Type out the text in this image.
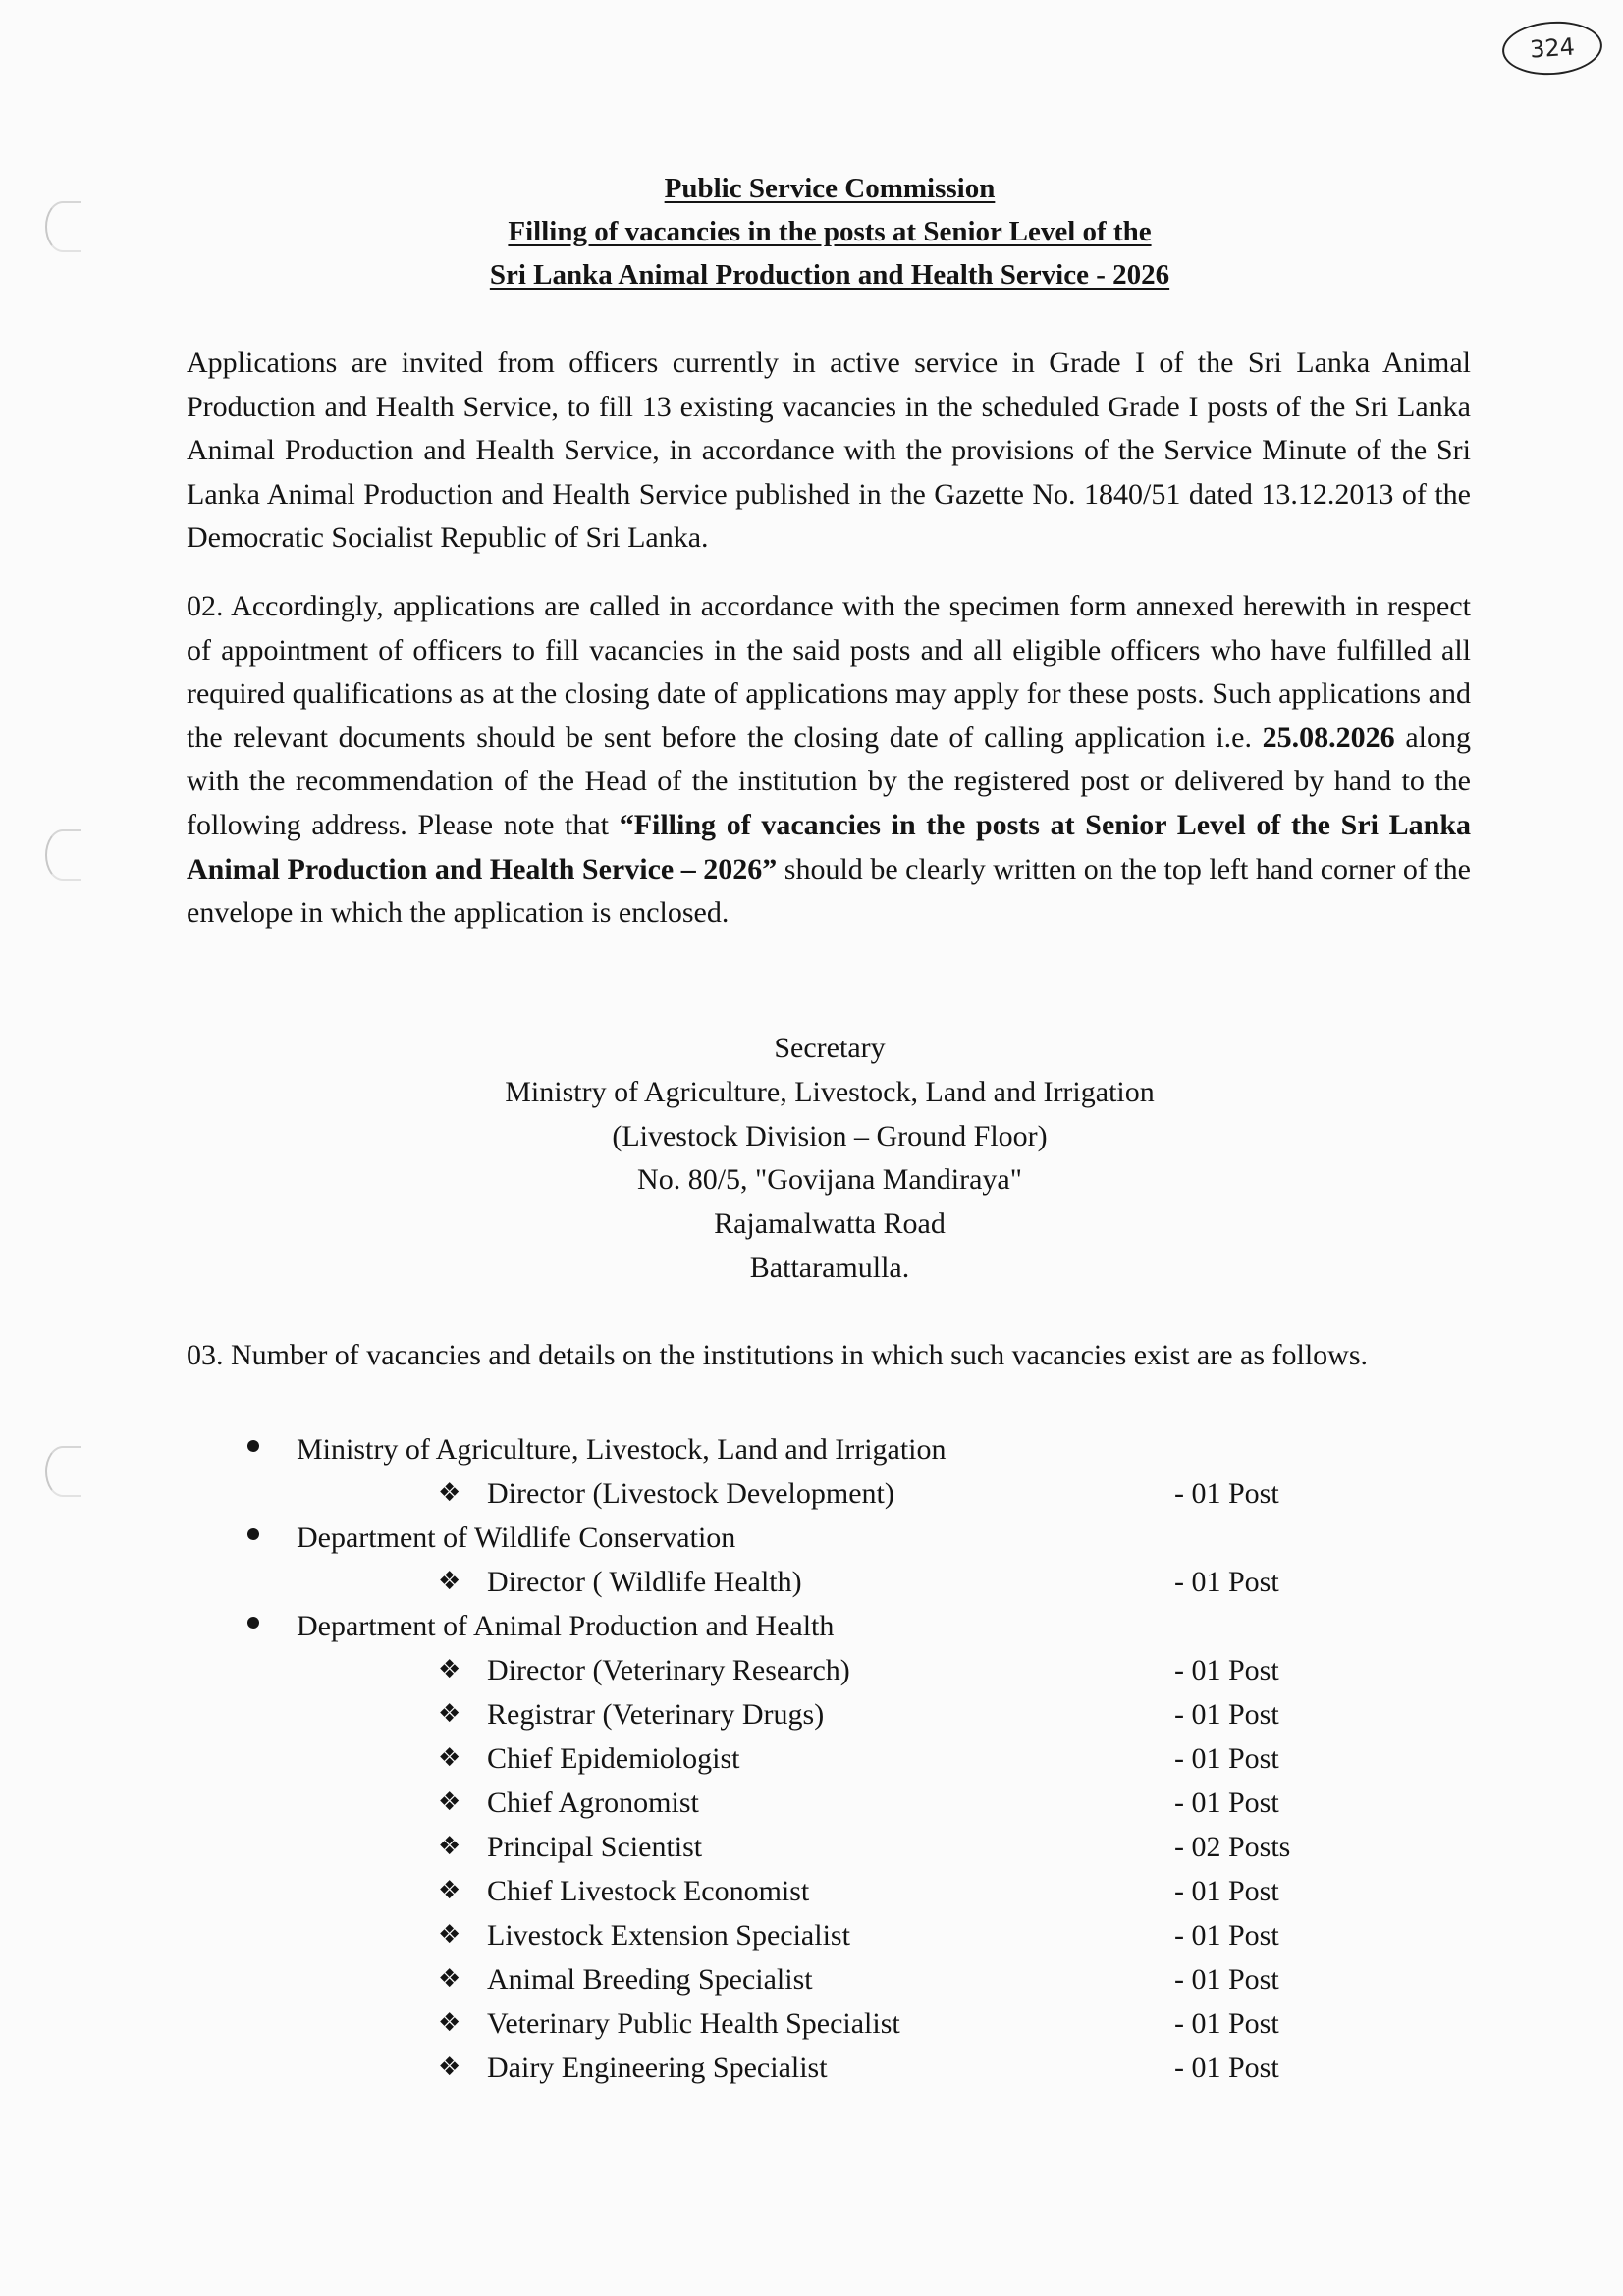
324
Public Service Commission
Filling of vacancies in the posts at Senior Level of the
Sri Lanka Animal Production and Health Service - 2026
Applications are invited from officers currently in active service in Grade I of the Sri Lanka Animal Production and Health Service, to fill 13 existing vacancies in the scheduled Grade I posts of the Sri Lanka Animal Production and Health Service, in accordance with the provisions of the Service Minute of the Sri Lanka Animal Production and Health Service published in the Gazette No. 1840/51 dated 13.12.2013 of the Democratic Socialist Republic of Sri Lanka.
02. Accordingly, applications are called in accordance with the specimen form annexed herewith in respect of appointment of officers to fill vacancies in the said posts and all eligible officers who have fulfilled all required qualifications as at the closing date of applications may apply for these posts. Such applications and the relevant documents should be sent before the closing date of calling application i.e. 25.08.2026 along with the recommendation of the Head of the institution by the registered post or delivered by hand to the following address. Please note that “Filling of vacancies in the posts at Senior Level of the Sri Lanka Animal Production and Health Service – 2026” should be clearly written on the top left hand corner of the envelope in which the application is enclosed.
Secretary
Ministry of Agriculture, Livestock, Land and Irrigation
(Livestock Division – Ground Floor)
No. 80/5, "Govijana Mandiraya"
Rajamalwatta Road
Battaramulla.
03. Number of vacancies and details on the institutions in which such vacancies exist are as follows.
Ministry of Agriculture, Livestock, Land and Irrigation
❖ Director (Livestock Development)	- 01 Post
Department of Wildlife Conservation
❖ Director ( Wildlife Health)	- 01 Post
Department of Animal Production and Health
❖ Director (Veterinary Research)	- 01 Post
❖ Registrar (Veterinary Drugs)	- 01 Post
❖ Chief Epidemiologist	- 01 Post
❖ Chief Agronomist	- 01 Post
❖ Principal Scientist	- 02 Posts
❖ Chief Livestock Economist	- 01 Post
❖ Livestock Extension Specialist	- 01 Post
❖ Animal Breeding Specialist	- 01 Post
❖ Veterinary Public Health Specialist	- 01 Post
❖ Dairy Engineering Specialist	- 01 Post
